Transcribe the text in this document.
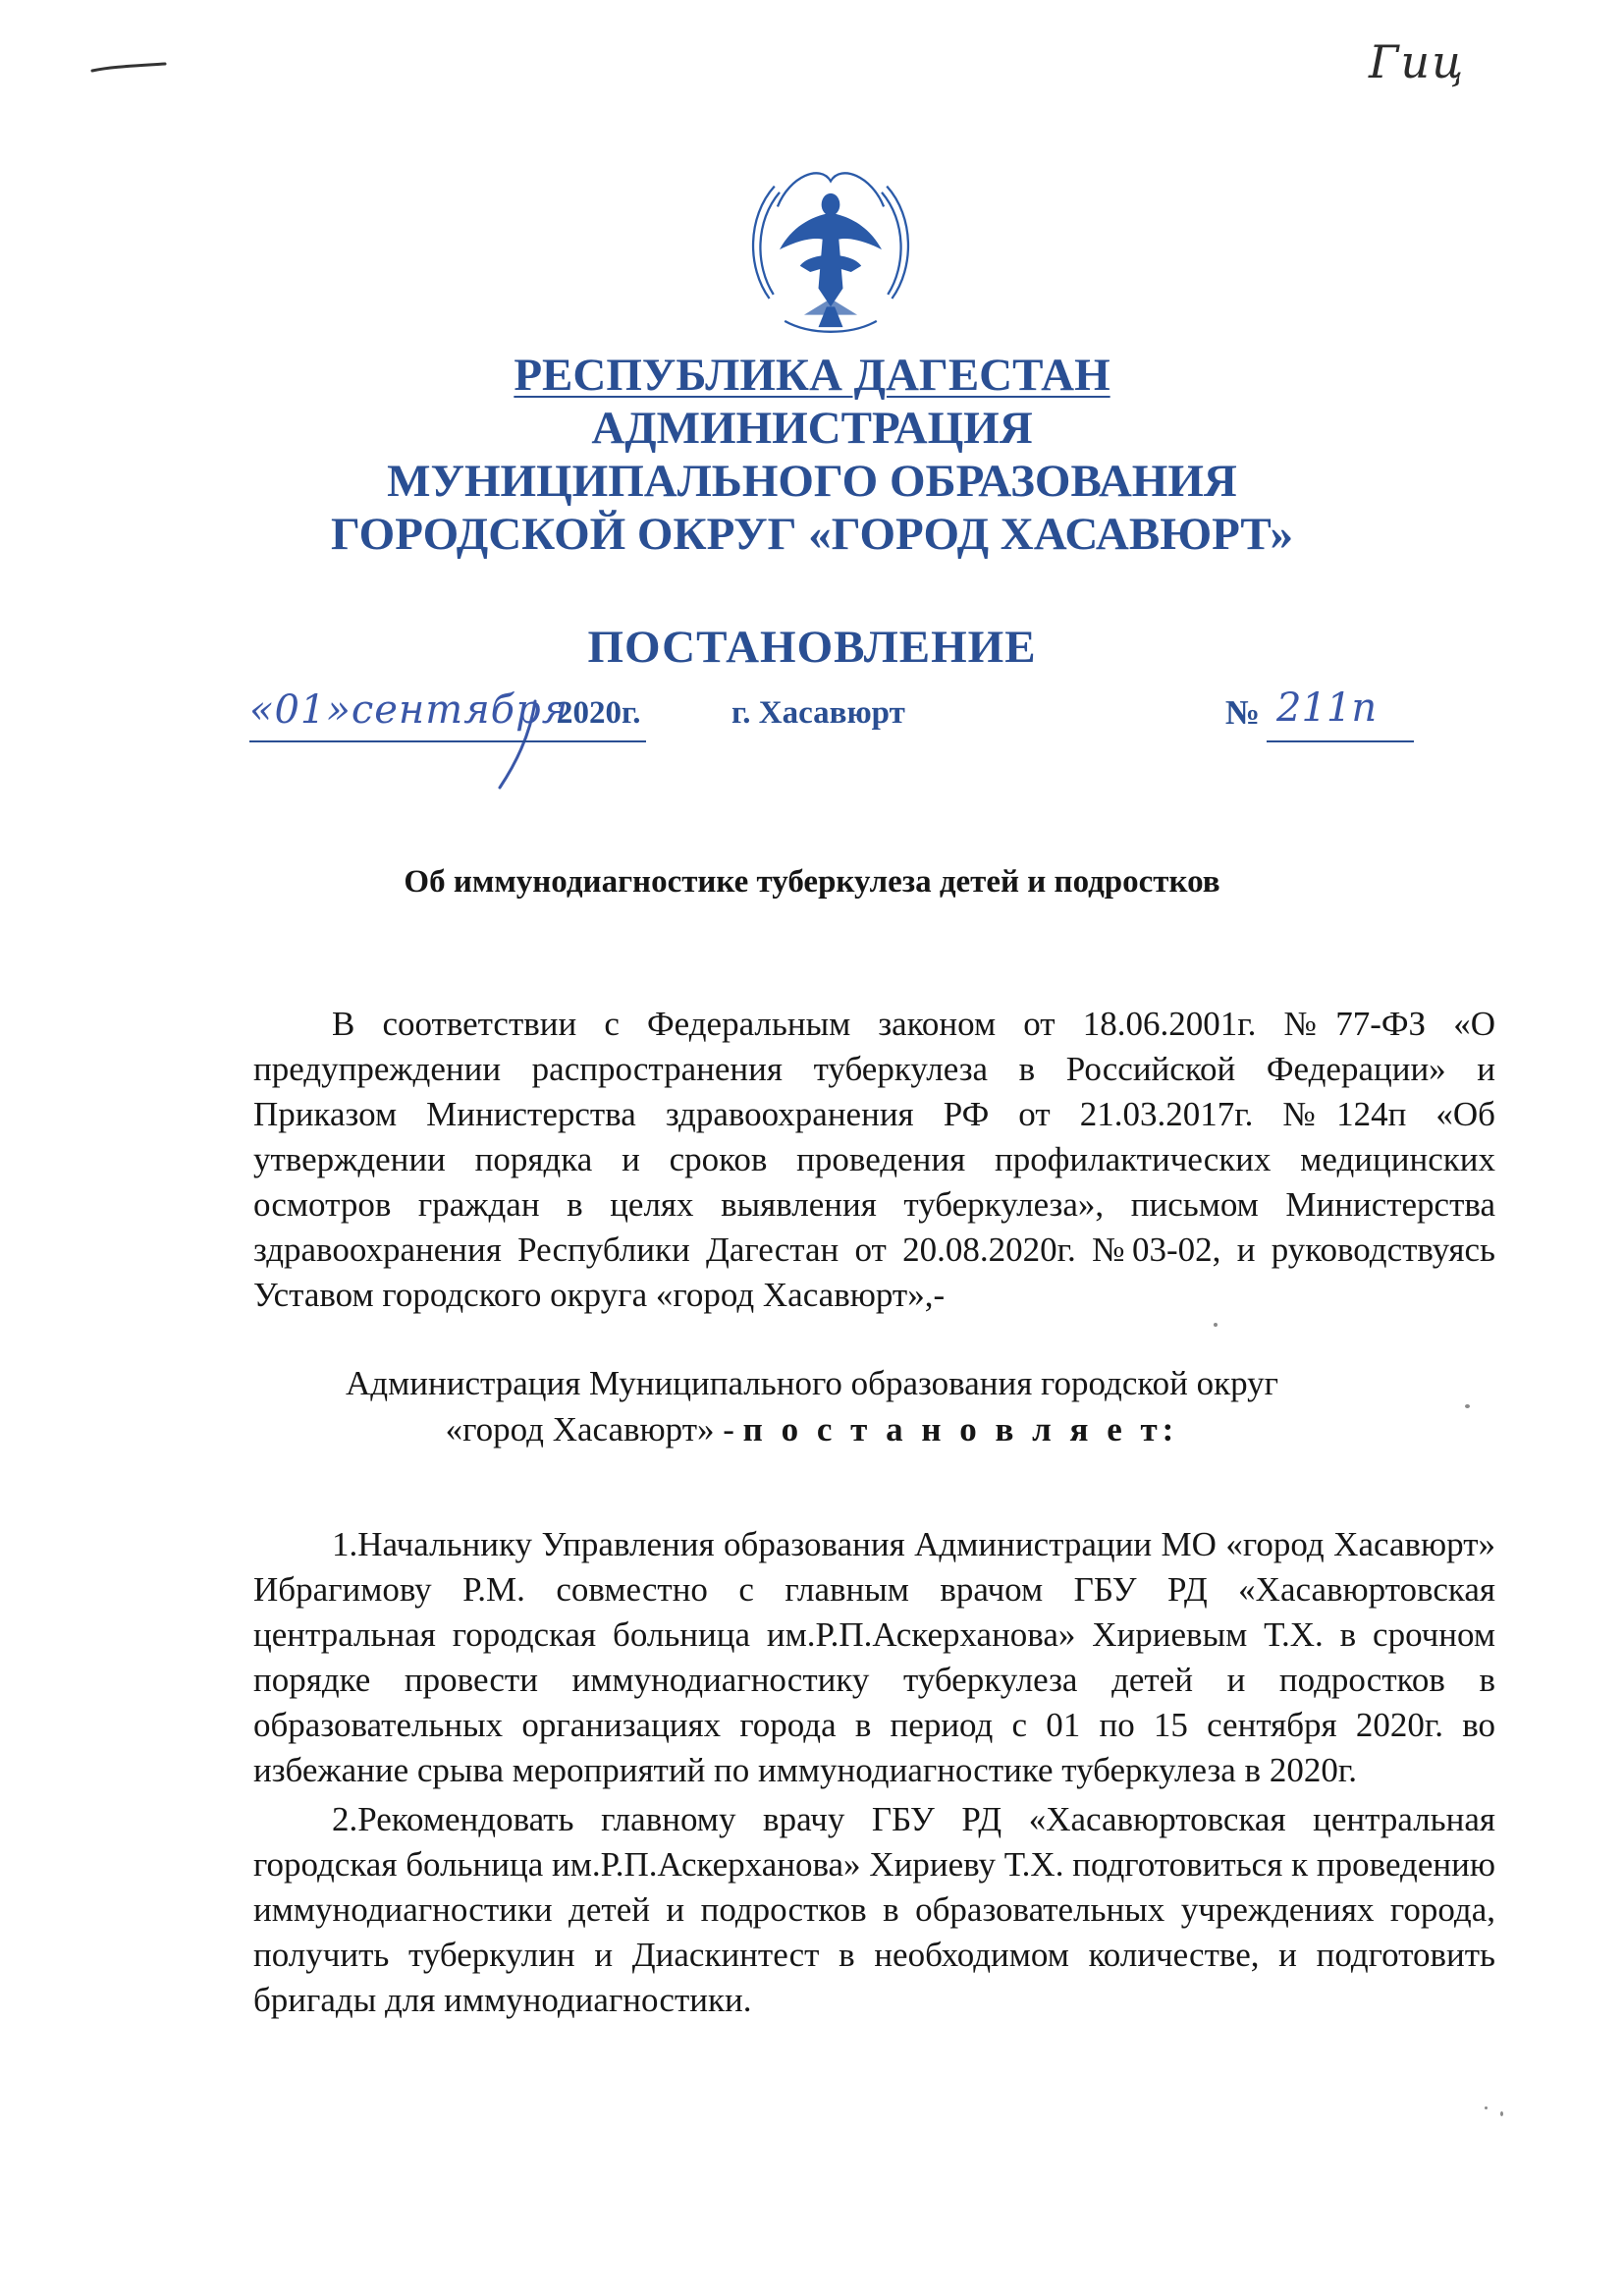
Гиц
РЕСПУБЛИКА ДАГЕСТАН
АДМИНИСТРАЦИЯ
МУНИЦИПАЛЬНОГО ОБРАЗОВАНИЯ
ГОРОДСКОЙ ОКРУГ «ГОРОД ХАСАВЮРТ»
ПОСТАНОВЛЕНИЕ
«01»сентября
2020г.	г. Хасавюрт	№ 211п
Об иммунодиагностике туберкулеза детей и подростков

В соответствии с Федеральным законом от 18.06.2001г. №77-ФЗ «О предупреждении распространения туберкулеза в Российской Федерации» и Приказом Министерства здравоохранения РФ от 21.03.2017г. №124п «Об утверждении порядка и сроков проведения профилактических медицинских осмотров граждан в целях выявления туберкулеза», письмом Министерства здравоохранения Республики Дагестан от 20.08.2020г. №03-02, и руководствуясь Уставом городского округа «город Хасавюрт»,-

Администрация Муниципального образования городской округ
«город Хасавюрт» - п о с т а н о в л я е т:

1.Начальнику Управления образования Администрации МО «город Хасавюрт» Ибрагимову Р.М. совместно с главным врачом ГБУ РД «Хасавюртовская центральная городская больница им.Р.П.Аскерханова» Хириевым Т.Х. в срочном порядке провести иммунодиагностику туберкулеза детей и подростков в образовательных организациях города в период с 01 по 15 сентября 2020г. во избежание срыва мероприятий по иммунодиагностике туберкулеза в 2020г.

2.Рекомендовать главному врачу ГБУ РД «Хасавюртовская центральная городская больница им.Р.П.Аскерханова» Хириеву Т.Х. подготовиться к проведению иммунодиагностики детей и подростков в образовательных учреждениях города, получить туберкулин и Диаскинтест в необходимом количестве, и подготовить бригады для иммунодиагностики.
